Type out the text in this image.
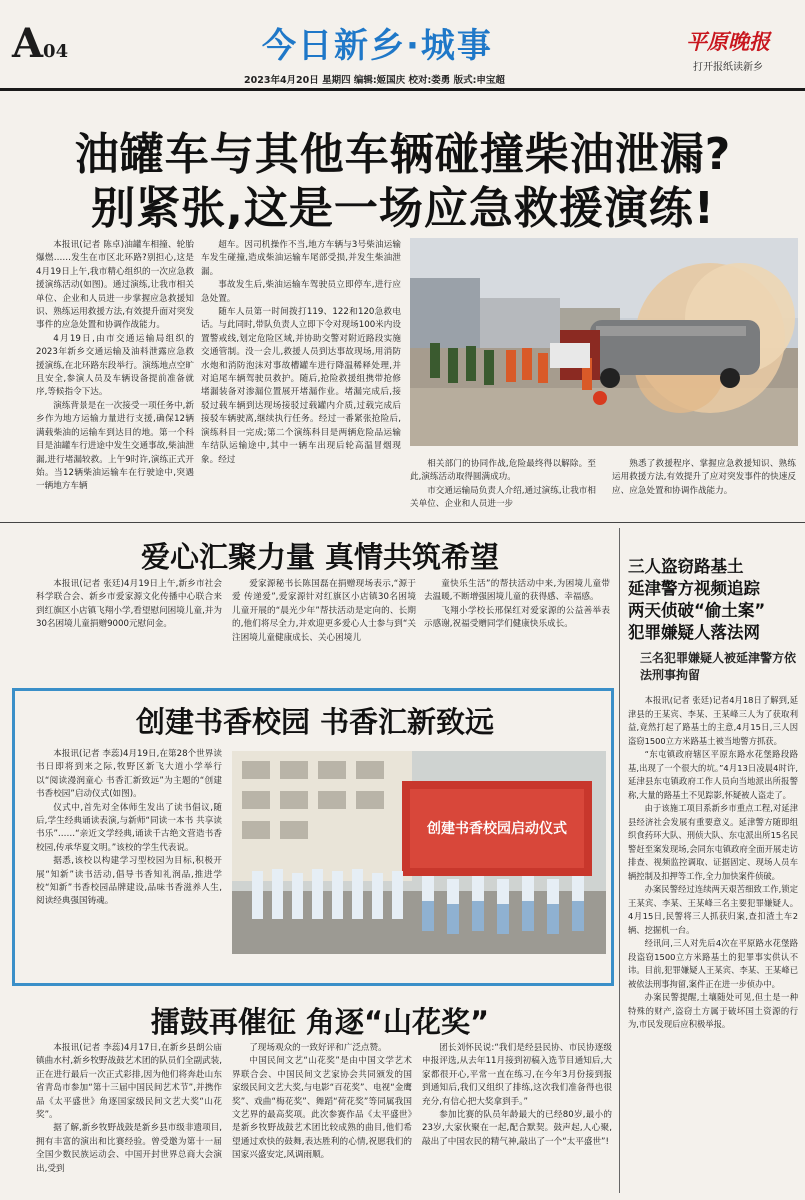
A04	今日新乡·城事	平原晚报
打开报纸读新乡
2023年4月20日 星期四 编辑:姬国庆 校对:娄勇 版式:申宝超
油罐车与其他车辆碰撞柴油泄漏?
别紧张,这是一场应急救援演练!

本报讯(记者 陈卓)油罐车相撞、轮胎爆燃……发生在市区北环路?别担心,这是4月19日上午,我市精心组织的一次应急救援演练活动(如图)。通过演练,让我市相关单位、企业和人员进一步掌握应急救援知识、熟练运用救援方法,有效提升面对突发事件的应急处置和协调作战能力。

4月19日,由市交通运输局组织的2023年新乡交通运输及油料泄露应急救援演练,在北环路东段举行。演练地点空旷且安全,参演人员及车辆设备提前准备就序,等候指令下达。

演练背景是在一次接受一项任务中,新乡作为地方运输力量进行支援,确保12辆满载柴油的运输车到达目的地。第一个科目是油罐车行进途中发生交通事故,柴油泄漏,进行堵漏较救。上午9时许,演练正式开始。当12辆柴油运输车在行驶途中,突遇一辆地方车辆

超车。因司机操作不当,地方车辆与3号柴油运输车发生碰撞,造成柴油运输车尾部受损,并发生柴油泄漏。

事故发生后,柴油运输车驾驶员立即停车,进行应急处置。

随车人员第一时间拨打119、122和120急救电话。与此同时,带队负责人立即下令对现场100米内设置警戒线,划定危险区域,并协助交警对附近路段实施交通管制。没一会儿,救援人员到达事故现场,用消防水炮和消防泡沫对事故槽罐车进行降温稀释处理,并对追尾车辆驾驶员救护。随后,抢险救援组携带抢修堵漏装备对渗漏位置展开堵漏作业。堵漏完成后,接驳过载车辆到达现场接驳过载罐内介质,过载完成后接驳车辆驶离,继续执行任务。经过一番紧张抢险后,演练科目一完成;第二个演练科目是两辆危险品运输车结队运输途中,其中一辆车出现后轮高温冒烟现象。经过	相关部门的协同作战,危险最终得以解除。至此,演练活动取得圆满成功。

市交通运输局负责人介绍,通过演练,让我市相关单位、企业和人员进一步

熟悉了救援程序、掌握应急救援知识、熟练运用救援方法,有效提升了应对突发事件的快速反应、应急处置和协调作战能力。

爱心汇聚力量 真情共筑希望

本报讯(记者 张廷)4月19日上午,新乡市社会科学联合会、新乡市爱家源文化传播中心联合来到红旗区小店镇飞翔小学,看望慰问困境儿童,并为30名困境儿童捐赠9000元慰问金。

爱家源秘书长陈国磊在捐赠现场表示,“源于爱 传递爱”,爱家源针对红旗区小店镇30名困境儿童开展的“晨光少年”帮扶活动是定向的、长期的,他们将尽全力,并欢迎更多爱心人士参与到“关注困境儿童健康成长、关心困境儿

童快乐生活”的帮扶活动中来,为困境儿童带去温暖,不断增强困境儿童的获得感、幸福感。

飞翔小学校长邢保红对爱家源的公益善举表示感谢,祝福受赠同学们健康快乐成长。

创建书香校园 书香汇新致远

本报讯(记者 李蕊)4月19日,在第28个世界读书日即将到来之际,牧野区新飞大道小学举行以“阅读漫润童心 书香汇新致远”为主题的“创建书香校园”启动仪式(如图)。

仪式中,首先对全体师生发出了读书倡议,随后,学生经典诵读表演,与新师“同读一本书 共享读书乐”……“亲近文学经典,诵读千古绝文营造书香校园,传承华夏文明。”该校的学生代表说。

据悉,该校以构建学习型校园为目标,积极开展“知新”读书活动,倡导书香知礼润品,推进学校“知新”书香校园品牌建设,品味书香滋养人生,阅读经典强国铸魂。

创建书香校园启动仪式
擂鼓再催征 角逐“山花奖”

本报讯(记者 李蕊)4月17日,在新乡县朗公庙镇曲水村,新乡牧野战鼓艺术团的队员们全副武装,正在进行最后一次正式彩排,因为他们将奔赴山东省青岛市参加“第十三届中国民间艺术节”,并携作品《太平盛世》角逐国家级民间文艺大奖“山花奖”。

据了解,新乡牧野战鼓是新乡县市级非遗项目,拥有丰富的演出和比赛经验。曾受邀为第十一届全国少数民族运动会、中国开封世界总商大会演出,受到

了现场观众的一致好评和广泛点赞。

中国民间文艺“山花奖”是由中国文学艺术界联合会、中国民间文艺家协会共同颁发的国家级民间文艺大奖,与电影“百花奖”、电视“金鹰奖”、戏曲“梅花奖”、舞蹈“荷花奖”等同属我国文艺界的最高奖项。此次参赛作品《太平盛世》是新乡牧野战鼓艺术团比较成熟的曲目,他们希望通过欢快的鼓舞,表达胜利的心情,祝愿我们的国家兴盛安定,风调雨顺。

团长刘怀民说:“我们是经县民协、市民协逐级申报评选,从去年11月接到初稿入选节目通知后,大家都很开心,平常一直在练习,在今年3月份接到报到通知后,我们又组织了排练,这次我们准备得也很充分,有信心把大奖拿到手。”

参加比赛的队员年龄最大的已经80岁,最小的23岁,大家伙聚在一起,配合默契。鼓声起,人心聚,敲出了中国农民的精气神,敲出了一个“太平盛世”!

三人盗窃路基土
延津警方视频追踪
两天侦破“偷土案”
犯罪嫌疑人落法网
三名犯罪嫌疑人被延津警方依法刑事拘留

本报讯(记者 张廷)记者4月18日了解到,延津县的王某宾、李某、王某峰三人为了获取利益,竟然打起了路基土的主意,4月15日,三人因盗窃1500立方米路基土被当地警方抓获。

“东屯镇政府辖区平原东路水花堡路段路基,出现了一个很大的坑。”4月13日凌晨4时许,延津县东屯镇政府工作人员向当地派出所报警称,大量的路基土不见踪影,怀疑被人盗走了。

由于该施工项目系新乡市重点工程,对延津县经济社会发展有重要意义。延津警方随即组织食药环大队、刑侦大队、东屯派出所15名民警赶至案发现场,会同东屯镇政府全面开展走访排查、视频监控调取、证据固定、现场人员车辆控制及扣押等工作,全力加快案件侦破。

办案民警经过连续两天艰苦细致工作,锁定王某宾、李某、王某峰三名主要犯罪嫌疑人。4月15日,民警将三人抓获归案,查扣渣土车2辆、挖掘机一台。

经讯问,三人对先后4次在平原路水花堡路段盗窃1500立方米路基土的犯罪事实供认不讳。目前,犯罪嫌疑人王某宾、李某、王某峰已被依法刑事拘留,案件正在进一步侦办中。

办案民警提醒,土壤随处可见,但土是一种特殊的财产,盗窃土方属于破坏国土资源的行为,市民发现后应积极举报。
